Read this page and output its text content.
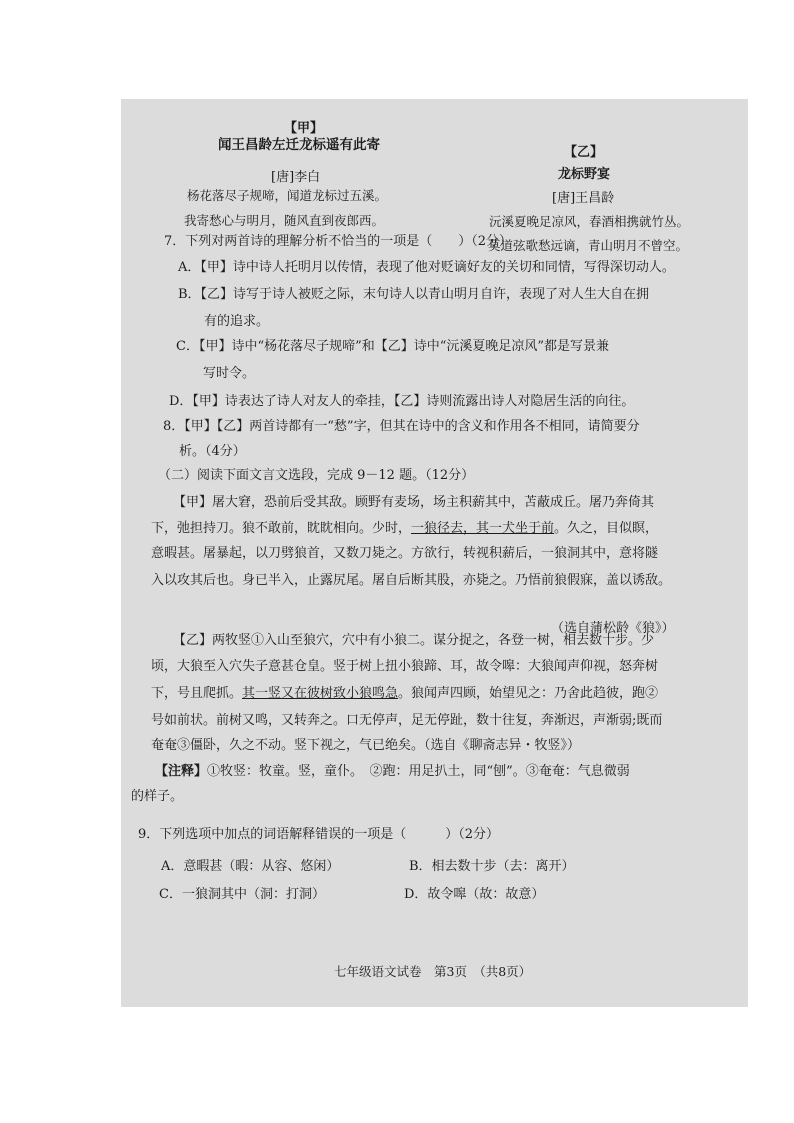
【甲】
闻王昌龄左迁龙标遥有此寄
[唐]李白
杨花落尽子规啼，闻道龙标过五溪。
我寄愁心与明月，随风直到夜郎西。
【乙】
龙标野宴
[唐]王昌龄
沅溪夏晚足凉风，春酒相携就竹丛。
莫道弦歌愁远谪，青山明月不曾空。
7．下列对两首诗的理解分析不恰当的一项是（　　）（2分）
A．【甲】诗中诗人托明月以传情，表现了他对贬谪好友的关切和同情，写得深切动人。
B．【乙】诗写于诗人被贬之际，末句诗人以青山明月自许，表现了对人生大自在拥
有的追求。
C．【甲】诗中“杨花落尽子规啼”和【乙】诗中“沅溪夏晚足凉风”都是写景兼
写时令。
D．【甲】诗表达了诗人对友人的牵挂，【乙】诗则流露出诗人对隐居生活的向往。
8．【甲】【乙】两首诗都有一“愁”字，但其在诗中的含义和作用各不相同，请简要分
析。（4分）
（二）阅读下面文言文选段，完成 9－12 题。（12分）
【甲】屠大窘，恐前后受其敌。顾野有麦场，场主积薪其中，苫蔽成丘。屠乃奔倚其
下，弛担持刀。狼不敢前，眈眈相向。少时，一狼径去，其一犬坐于前。久之，目似瞑，
意暇甚。屠暴起，以刀劈狼首，又数刀毙之。方欲行，转视积薪后，一狼洞其中，意将隧
入以攻其后也。身已半入，止露尻尾。屠自后断其股，亦毙之。乃悟前狼假寐，盖以诱敌。
（选自蒲松龄《狼》）
【乙】两牧竖①入山至狼穴，穴中有小狼二。谋分捉之，各登一树，相去数十步。少
顷，大狼至入穴失子意甚仓皇。竖于树上扭小狼蹄、耳，故令嗥：大狼闻声仰视，怒奔树
下，号且爬抓。其一竖又在彼树致小狼鸣急。狼闻声四顾，始望见之：乃舍此趋彼，跑②
号如前状。前树又鸣，又转奔之。口无停声，足无停趾，数十往复，奔渐迟，声渐弱;既而
奄奄③僵卧，久之不动。竖下视之，气已绝矣。（选自《聊斋志异・牧竖》）
【注释】①牧竖：牧童。竖，童仆。　②跑：用足扒土，同“刨”。③奄奄：气息微弱
的样子。
9．下列选项中加点的词语解释错误的一项是（　　　）（2分）
A．意暇甚（暇：从容、悠闲）	B．相去数十步（去：离开）
C．一狼洞其中（洞：打洞）	D．故令嗥（故：故意）
七年级语文试卷　第3页　（共8页）
